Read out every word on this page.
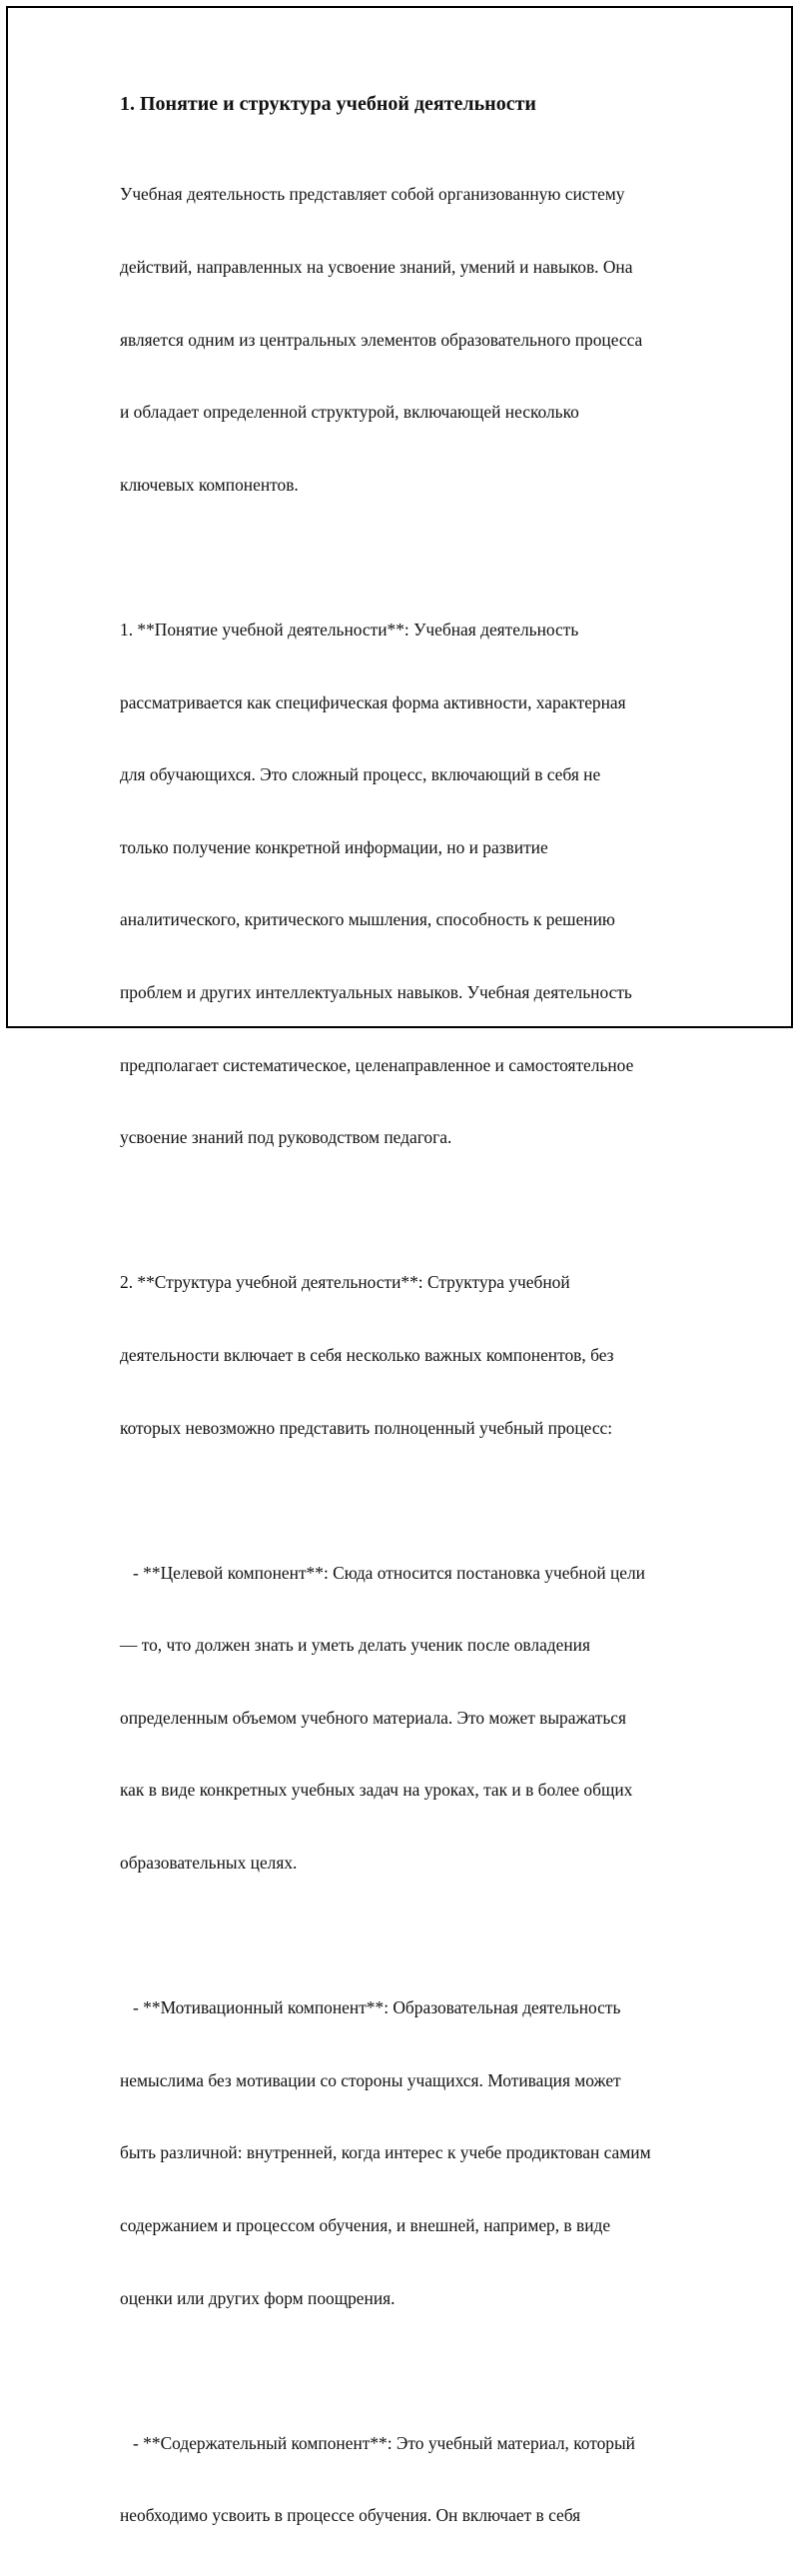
1. Понятие и структура учебной деятельности

Учебная деятельность представляет собой организованную систему

действий, направленных на усвоение знаний, умений и навыков. Она

является одним из центральных элементов образовательного процесса

и обладает определенной структурой, включающей несколько

ключевых компонентов.

1. **Понятие учебной деятельности**: Учебная деятельность

рассматривается как специфическая форма активности, характерная

для обучающихся. Это сложный процесс, включающий в себя не

только получение конкретной информации, но и развитие

аналитического, критического мышления, способность к решению

проблем и других интеллектуальных навыков. Учебная деятельность

предполагает систематическое, целенаправленное и самостоятельное

усвоение знаний под руководством педагога.

2. **Структура учебной деятельности**: Структура учебной

деятельности включает в себя несколько важных компонентов, без

которых невозможно представить полноценный учебный процесс:

- **Целевой компонент**: Сюда относится постановка учебной цели

— то, что должен знать и уметь делать ученик после овладения

определенным объемом учебного материала. Это может выражаться

как в виде конкретных учебных задач на уроках, так и в более общих

образовательных целях.

- **Мотивационный компонент**: Образовательная деятельность

немыслима без мотивации со стороны учащихся. Мотивация может

быть различной: внутренней, когда интерес к учебе продиктован самим

содержанием и процессом обучения, и внешней, например, в виде

оценки или других форм поощрения.

- **Содержательный компонент**: Это учебный материал, который

необходимо усвоить в процессе обучения. Он включает в себя
